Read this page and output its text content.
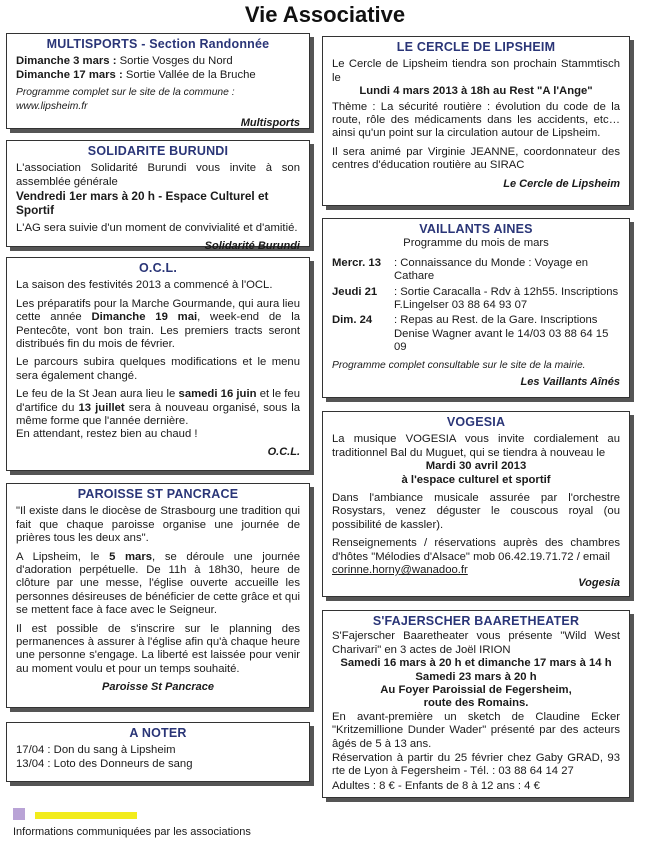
Vie Associative
MULTISPORTS - Section Randonnée
Dimanche 3 mars : Sortie Vosges du Nord
Dimanche 17 mars : Sortie Vallée de la Bruche
Programme complet sur le site de la commune : www.lipsheim.fr
Multisports
SOLIDARITE BURUNDI

L'association Solidarité Burundi vous invite à son assemblée générale

Vendredi 1er mars à 20 h - Espace Culturel et Sportif

L'AG sera suivie d'un moment de convivialité et d'amitié.

Solidarité Burundi
O.C.L.

La saison des festivités 2013 a commencé à l'OCL.

Les préparatifs pour la Marche Gourmande, qui aura lieu cette année Dimanche 19 mai, week-end de la Pentecôte, vont bon train. Les premiers tracts seront distribués fin du mois de février.

Le parcours subira quelques modifications et le menu sera également changé.

Le feu de la St Jean aura lieu le samedi 16 juin et le feu d'artifice du 13 juillet sera à nouveau organisé, sous la même forme que l'année dernière.

En attendant, restez bien au chaud !

O.C.L.
PAROISSE ST PANCRACE

"Il existe dans le diocèse de Strasbourg une tradition qui fait que chaque paroisse organise une journée de prières tous les deux ans".

A Lipsheim, le 5 mars, se déroule une journée d'adoration perpétuelle. De 11h à 18h30, heure de clôture par une messe, l'église ouverte accueille les personnes désireuses de bénéficier de cette grâce et qui se mettent face à face avec le Seigneur.

Il est possible de s'inscrire sur le planning des permanences à assurer à l'église afin qu'à chaque heure une personne s'engage. La liberté est laissée pour venir au moment voulu et pour un temps souhaité.

Paroisse St Pancrace
A NOTER
17/04 : Don du sang à Lipsheim
13/04 : Loto des Donneurs de sang
LE CERCLE DE LIPSHEIM

Le Cercle de Lipsheim tiendra son prochain Stammtisch le

Lundi 4 mars 2013 à 18h au Rest "A l'Ange"

Thème : La sécurité routière : évolution du code de la route, rôle des médicaments dans les accidents, etc… ainsi qu'un point sur la circulation autour de Lipsheim.

Il sera animé par Virginie JEANNE, coordonnateur des centres d'éducation routière au SIRAC

Le Cercle de Lipsheim
VAILLANTS AINES
Programme du mois de mars
Mercr. 13	: Connaissance du Monde : Voyage en Cathare
Jeudi 21	: Sortie Caracalla - Rdv à 12h55. Inscriptions F.Lingelser 03 88 64 93 07
Dim. 24	: Repas au Rest. de la Gare. Inscriptions Denise Wagner avant le 14/03 03 88 64 15 09
Programme complet consultable sur le site de la mairie.
Les Vaillants Aînés
VOGESIA

La musique VOGESIA vous invite cordialement au traditionnel Bal du Muguet, qui se tiendra à nouveau le

Mardi 30 avril 2013
à l'espace culturel et sportif

Dans l'ambiance musicale assurée par l'orchestre Rosystars, venez déguster le couscous royal (ou possibilité de kassler).

Renseignements / réservations auprès des chambres d'hôtes "Mélodies d'Alsace" mob 06.42.19.71.72 / email

corinne.horny@wanadoo.fr
Vogesia
S'FAJERSCHER BAARETHEATER

S'Fajerscher Baaretheater vous présente "Wild West Charivari" en 3 actes de Joël IRION

Samedi 16 mars à 20 h et dimanche 17 mars à 14 h
Samedi 23 mars à 20 h
Au Foyer Paroissial de Fegersheim,
route des Romains.

En avant-première un sketch de Claudine Ecker "Kritzemillione Dunder Wader" présenté par des acteurs âgés de 5 à 13 ans.

Réservation à partir du 25 février chez Gaby GRAD, 93 rte de Lyon à Fegersheim - Tél. : 03 88 64 14 27

Adultes : 8 € - Enfants de 8 à 12 ans : 4 €

Informations communiquées par les associations
